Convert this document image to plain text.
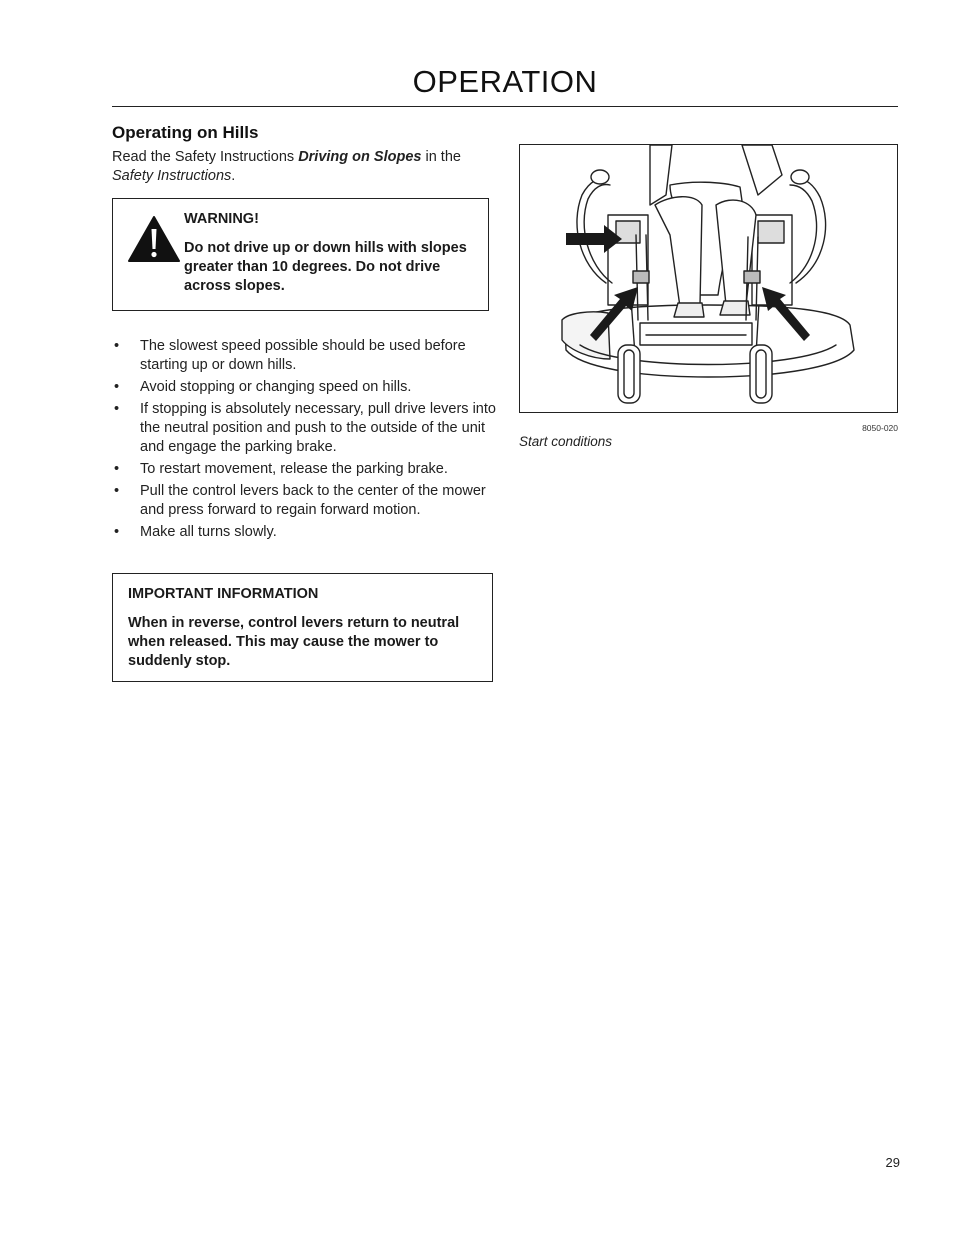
OPERATION
Operating on Hills
Read the Safety Instructions Driving on Slopes in the Safety Instructions.
WARNING!
Do not drive up or down hills with slopes greater than 10 degrees. Do not drive across slopes.
• The slowest speed possible should be used before starting up or down hills.
• Avoid stopping or changing speed on hills.
• If stopping is absolutely necessary, pull drive levers into the neutral position and push to the outside of the unit and engage the parking brake.
• To restart movement, release the parking brake.
• Pull the control levers back to the center of the mower and press forward to regain forward motion.
• Make all turns slowly.
IMPORTANT INFORMATION
When in reverse, control levers return to neutral when released. This may cause the mower to suddenly stop.
8050-020
Start conditions
29
